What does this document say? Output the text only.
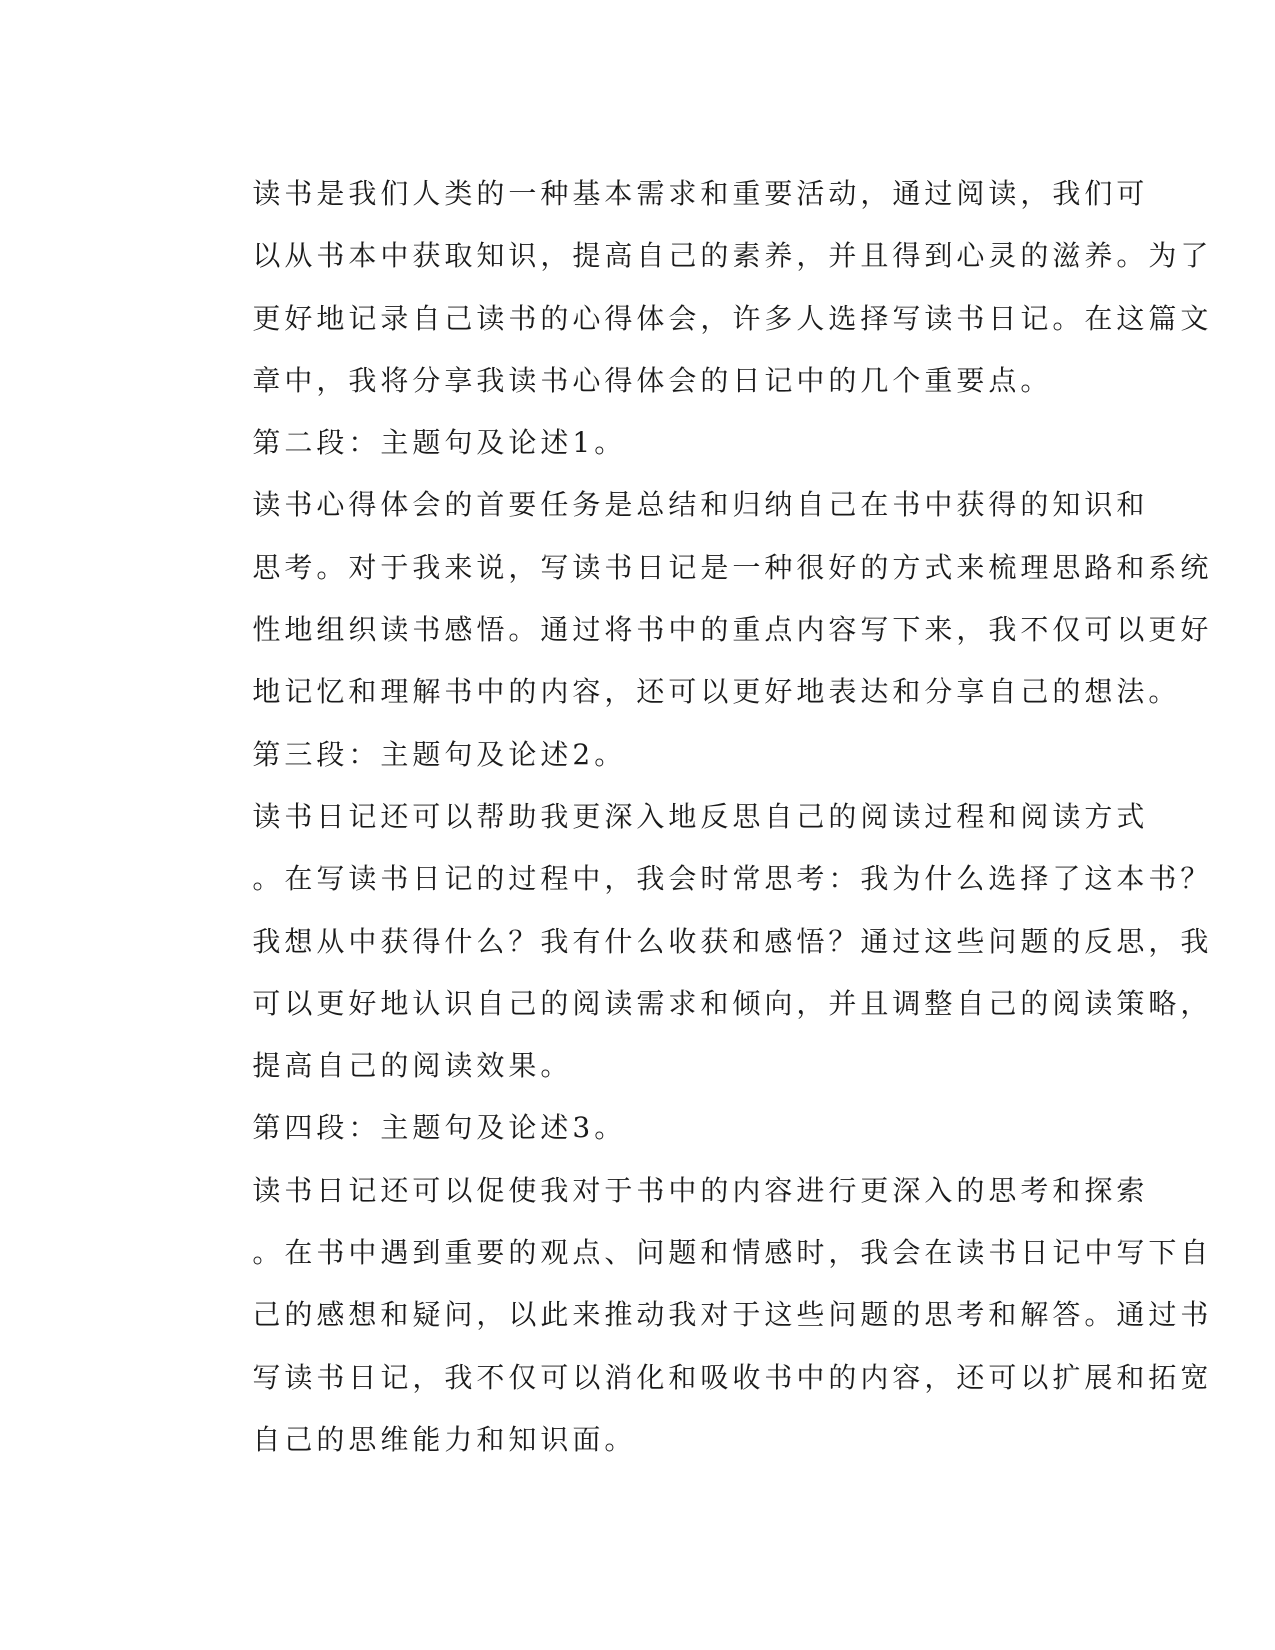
读书是我们人类的一种基本需求和重要活动，通过阅读，我们可
以从书本中获取知识，提高自己的素养，并且得到心灵的滋养。为了
更好地记录自己读书的心得体会，许多人选择写读书日记。在这篇文
章中，我将分享我读书心得体会的日记中的几个重要点。

第二段：主题句及论述1。

读书心得体会的首要任务是总结和归纳自己在书中获得的知识和
思考。对于我来说，写读书日记是一种很好的方式来梳理思路和系统
性地组织读书感悟。通过将书中的重点内容写下来，我不仅可以更好
地记忆和理解书中的内容，还可以更好地表达和分享自己的想法。

第三段：主题句及论述2。

读书日记还可以帮助我更深入地反思自己的阅读过程和阅读方式
。在写读书日记的过程中，我会时常思考：我为什么选择了这本书？
我想从中获得什么？我有什么收获和感悟？通过这些问题的反思，我
可以更好地认识自己的阅读需求和倾向，并且调整自己的阅读策略，
提高自己的阅读效果。

第四段：主题句及论述3。

读书日记还可以促使我对于书中的内容进行更深入的思考和探索
。在书中遇到重要的观点、问题和情感时，我会在读书日记中写下自
己的感想和疑问，以此来推动我对于这些问题的思考和解答。通过书
写读书日记，我不仅可以消化和吸收书中的内容，还可以扩展和拓宽
自己的思维能力和知识面。
